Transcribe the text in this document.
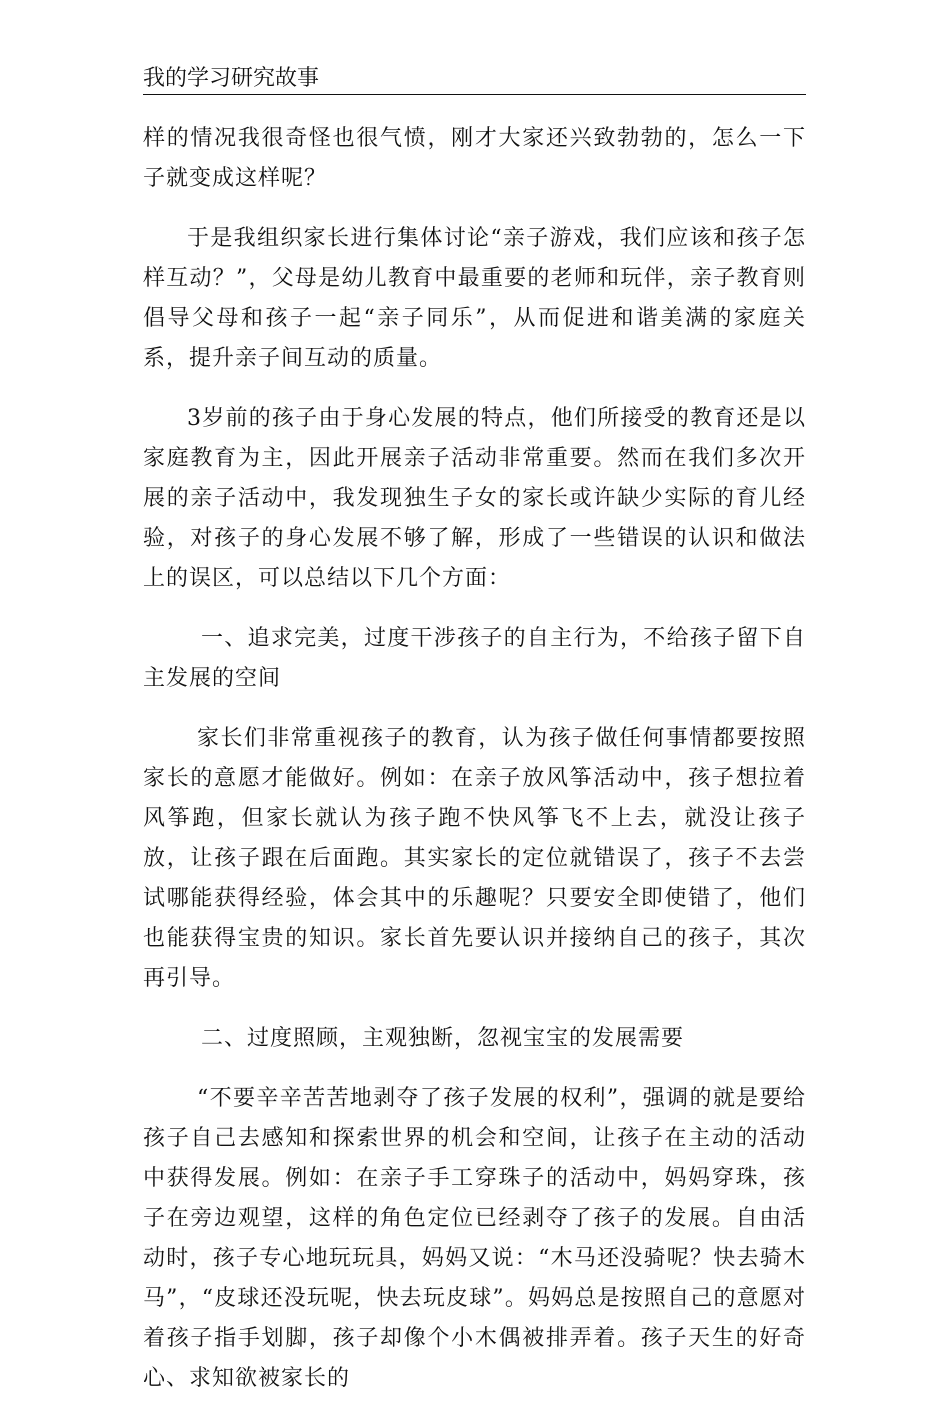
我的学习研究故事

样的情况我很奇怪也很气愤，刚才大家还兴致勃勃的，怎么一下子就变成这样呢？

于是我组织家长进行集体讨论“亲子游戏，我们应该和孩子怎样互动？”，父母是幼儿教育中最重要的老师和玩伴，亲子教育则倡导父母和孩子一起“亲子同乐”，从而促进和谐美满的家庭关系，提升亲子间互动的质量。

3岁前的孩子由于身心发展的特点，他们所接受的教育还是以家庭教育为主，因此开展亲子活动非常重要。然而在我们多次开展的亲子活动中，我发现独生子女的家长或许缺少实际的育儿经验，对孩子的身心发展不够了解，形成了一些错误的认识和做法上的误区，可以总结以下几个方面：

一、追求完美，过度干涉孩子的自主行为，不给孩子留下自主发展的空间

家长们非常重视孩子的教育，认为孩子做任何事情都要按照家长的意愿才能做好。例如：在亲子放风筝活动中，孩子想拉着风筝跑，但家长就认为孩子跑不快风筝飞不上去，就没让孩子放，让孩子跟在后面跑。其实家长的定位就错误了，孩子不去尝试哪能获得经验，体会其中的乐趣呢？只要安全即使错了，他们也能获得宝贵的知识。家长首先要认识并接纳自己的孩子，其次再引导。

二、过度照顾，主观独断，忽视宝宝的发展需要

“不要辛辛苦苦地剥夺了孩子发展的权利”，强调的就是要给孩子自己去感知和探索世界的机会和空间，让孩子在主动的活动中获得发展。例如：在亲子手工穿珠子的活动中，妈妈穿珠，孩子在旁边观望，这样的角色定位已经剥夺了孩子的发展。自由活动时，孩子专心地玩玩具，妈妈又说：“木马还没骑呢？快去骑木马”，“皮球还没玩呢，快去玩皮球”。妈妈总是按照自己的意愿对着孩子指手划脚，孩子却像个小木偶被排弄着。孩子天生的好奇心、求知欲被家长的
